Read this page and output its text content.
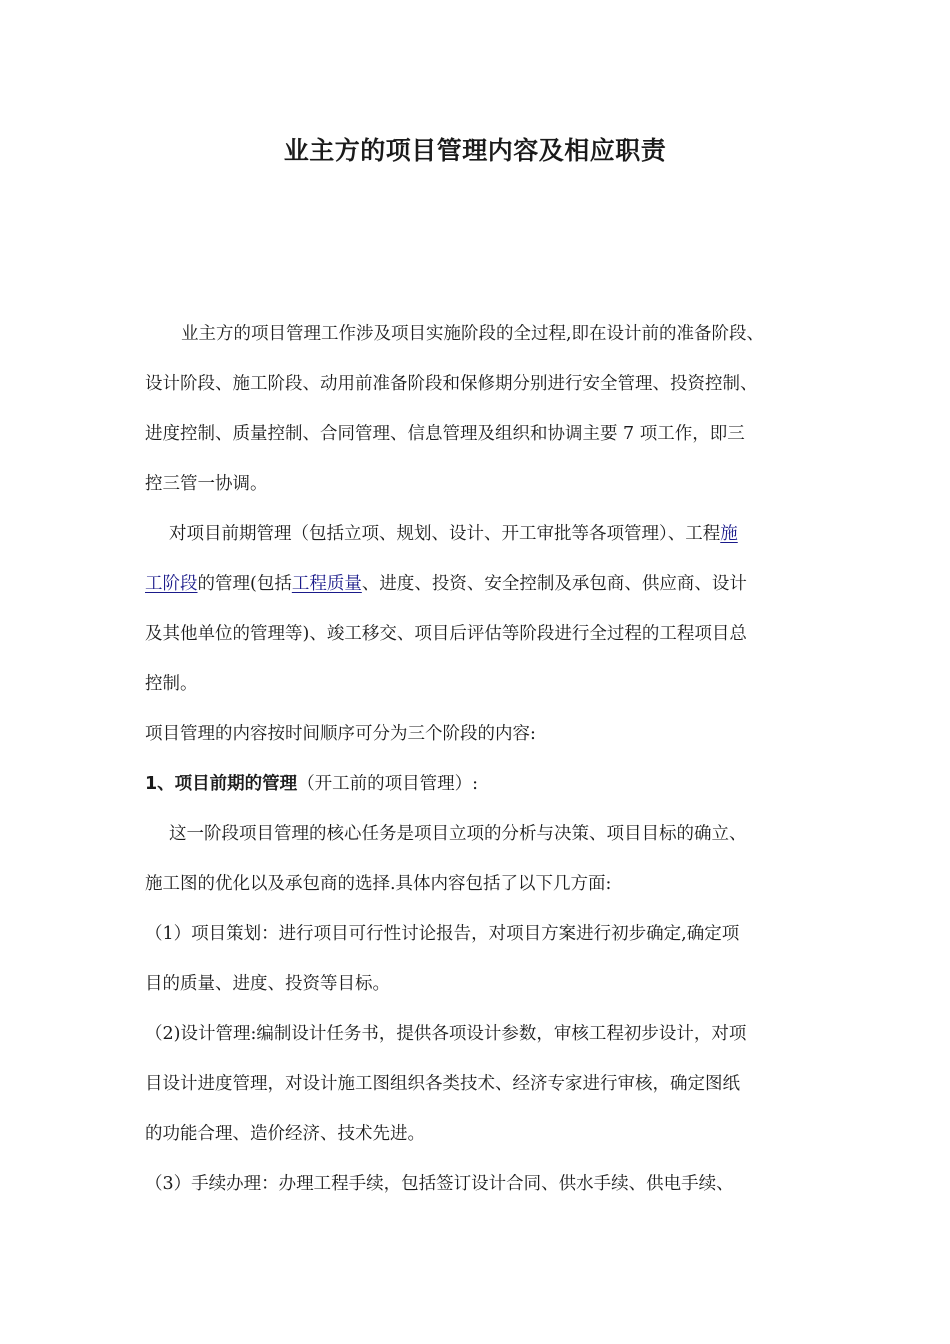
业主方的项目管理内容及相应职责

业主方的项目管理工作涉及项目实施阶段的全过程,即在设计前的准备阶段、
设计阶段、施工阶段、动用前准备阶段和保修期分别进行安全管理、投资控制、
进度控制、质量控制、合同管理、信息管理及组织和协调主要 7 项工作，即三
控三管一协调。

对项目前期管理（包括立项、规划、设计、开工审批等各项管理）、工程施
工阶段的管理(包括工程质量、进度、投资、安全控制及承包商、供应商、设计
及其他单位的管理等)、竣工移交、项目后评估等阶段进行全过程的工程项目总
控制。

项目管理的内容按时间顺序可分为三个阶段的内容:

1、项目前期的管理（开工前的项目管理）:

这一阶段项目管理的核心任务是项目立项的分析与决策、项目目标的确立、
施工图的优化以及承包商的选择.具体内容包括了以下几方面:

（1）项目策划：进行项目可行性讨论报告，对项目方案进行初步确定,确定项
目的质量、进度、投资等目标。

（2)设计管理:编制设计任务书，提供各项设计参数，审核工程初步设计，对项
目设计进度管理，对设计施工图组织各类技术、经济专家进行审核，确定图纸
的功能合理、造价经济、技术先进。

（3）手续办理：办理工程手续，包括签订设计合同、供水手续、供电手续、
